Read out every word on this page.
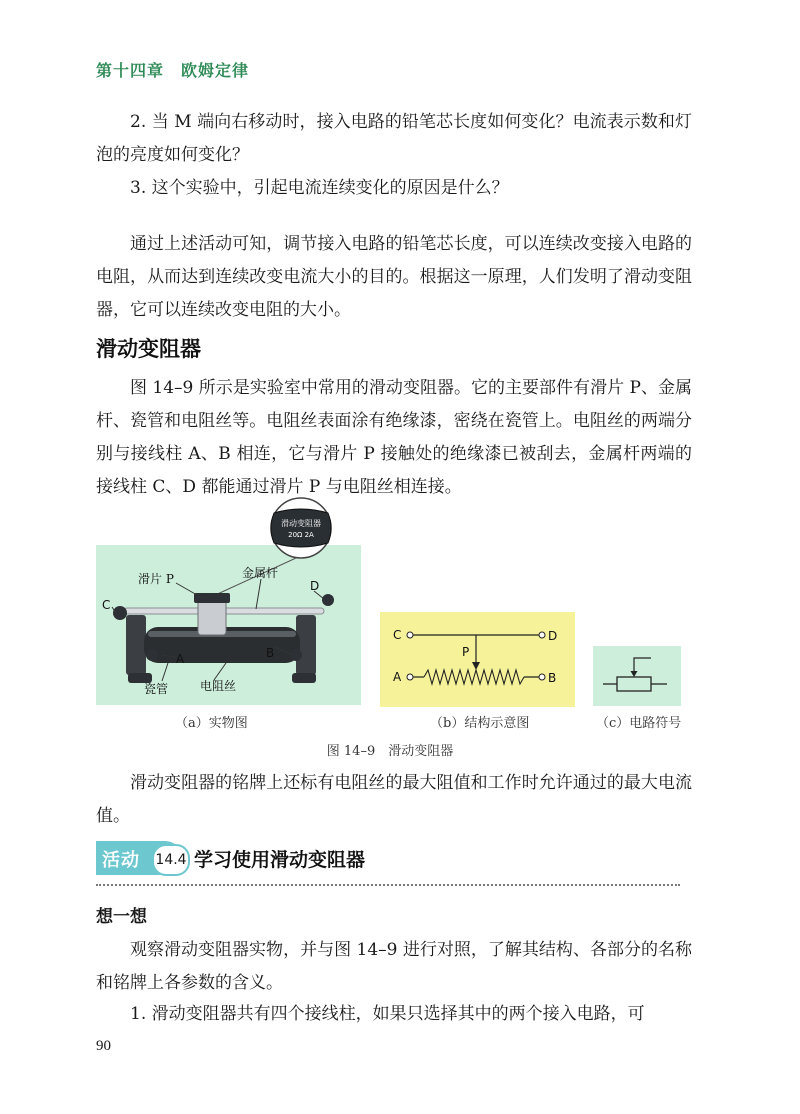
第十四章　欧姆定律

2. 当 M 端向右移动时，接入电路的铅笔芯长度如何变化？电流表示数和灯泡的亮度如何变化？

3. 这个实验中，引起电流连续变化的原因是什么？

通过上述活动可知，调节接入电路的铅笔芯长度，可以连续改变接入电路的电阻，从而达到连续改变电流大小的目的。根据这一原理，人们发明了滑动变阻器，它可以连续改变电阻的大小。

滑动变阻器

图 14–9 所示是实验室中常用的滑动变阻器。它的主要部件有滑片 P、金属杆、瓷管和电阻丝等。电阻丝表面涂有绝缘漆，密绕在瓷管上。电阻丝的两端分别与接线柱 A、B 相连，它与滑片 P 接触处的绝缘漆已被刮去，金属杆两端的接线柱 C、D 都能通过滑片 P 与电阻丝相连接。

滑动变阻器
20Ω 2A
滑片 P	金属杆
D
C
A	B
瓷管	电阻丝
C	D
P
A	B
（a）实物图	（b）结构示意图	（c）电路符号
图 14–9　滑动变阻器

滑动变阻器的铭牌上还标有电阻丝的最大阻值和工作时允许通过的最大电流值。

活动 14.4 学习使用滑动变阻器
想一想

观察滑动变阻器实物，并与图 14–9 进行对照，了解其结构、各部分的名称和铭牌上各参数的含义。

1. 滑动变阻器共有四个接线柱，如果只选择其中的两个接入电路，可

90
